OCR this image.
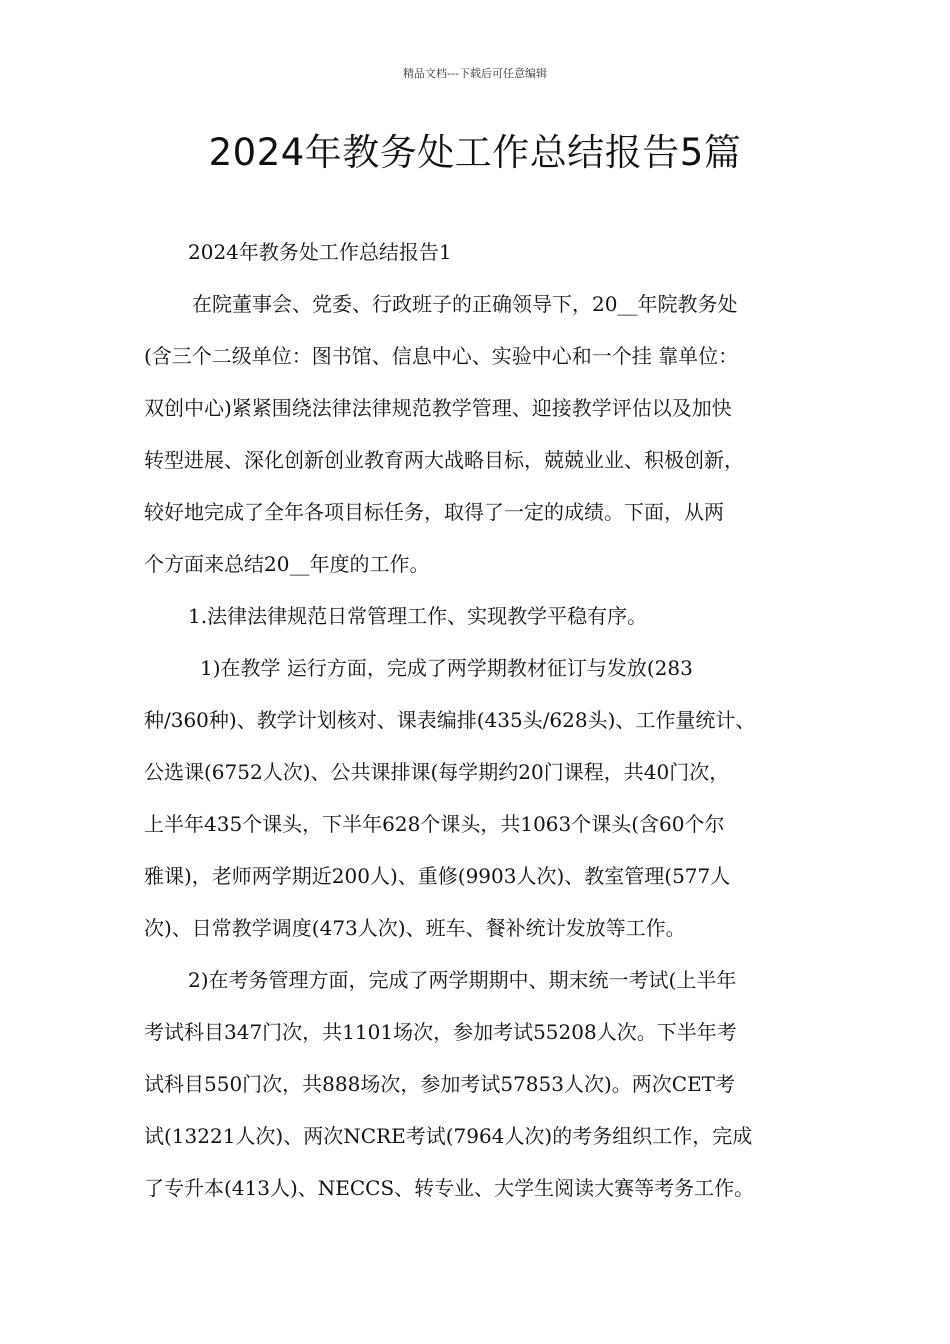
精品文档---下载后可任意编辑
2024年教务处工作总结报告5篇
2024年教务处工作总结报告1
在院董事会、党委、行政班子的正确领导下，20__年院教务处
(含三个二级单位：图书馆、信息中心、实验中心和一个挂 靠单位：
双创中心)紧紧围绕法律法律规范教学管理、迎接教学评估以及加快
转型进展、深化创新创业教育两大战略目标，兢兢业业、积极创新，
较好地完成了全年各项目标任务，取得了一定的成绩。下面，从两
个方面来总结20__年度的工作。
1.法律法律规范日常管理工作、实现教学平稳有序。
1)在教学 运行方面，完成了两学期教材征订与发放(283
种/360种)、教学计划核对、课表编排(435头/628头)、工作量统计、
公选课(6752人次)、公共课排课(每学期约20门课程，共40门次，
上半年435个课头，下半年628个课头，共1063个课头(含60个尔
雅课)，老师两学期近200人)、重修(9903人次)、教室管理(577人
次)、日常教学调度(473人次)、班车、餐补统计发放等工作。
2)在考务管理方面，完成了两学期期中、期末统一考试(上半年
考试科目347门次，共1101场次，参加考试55208人次。下半年考
试科目550门次，共888场次，参加考试57853人次)。两次CET考
试(13221人次)、两次NCRE考试(7964人次)的考务组织工作，完成
了专升本(413人)、NECCS、转专业、大学生阅读大赛等考务工作。
